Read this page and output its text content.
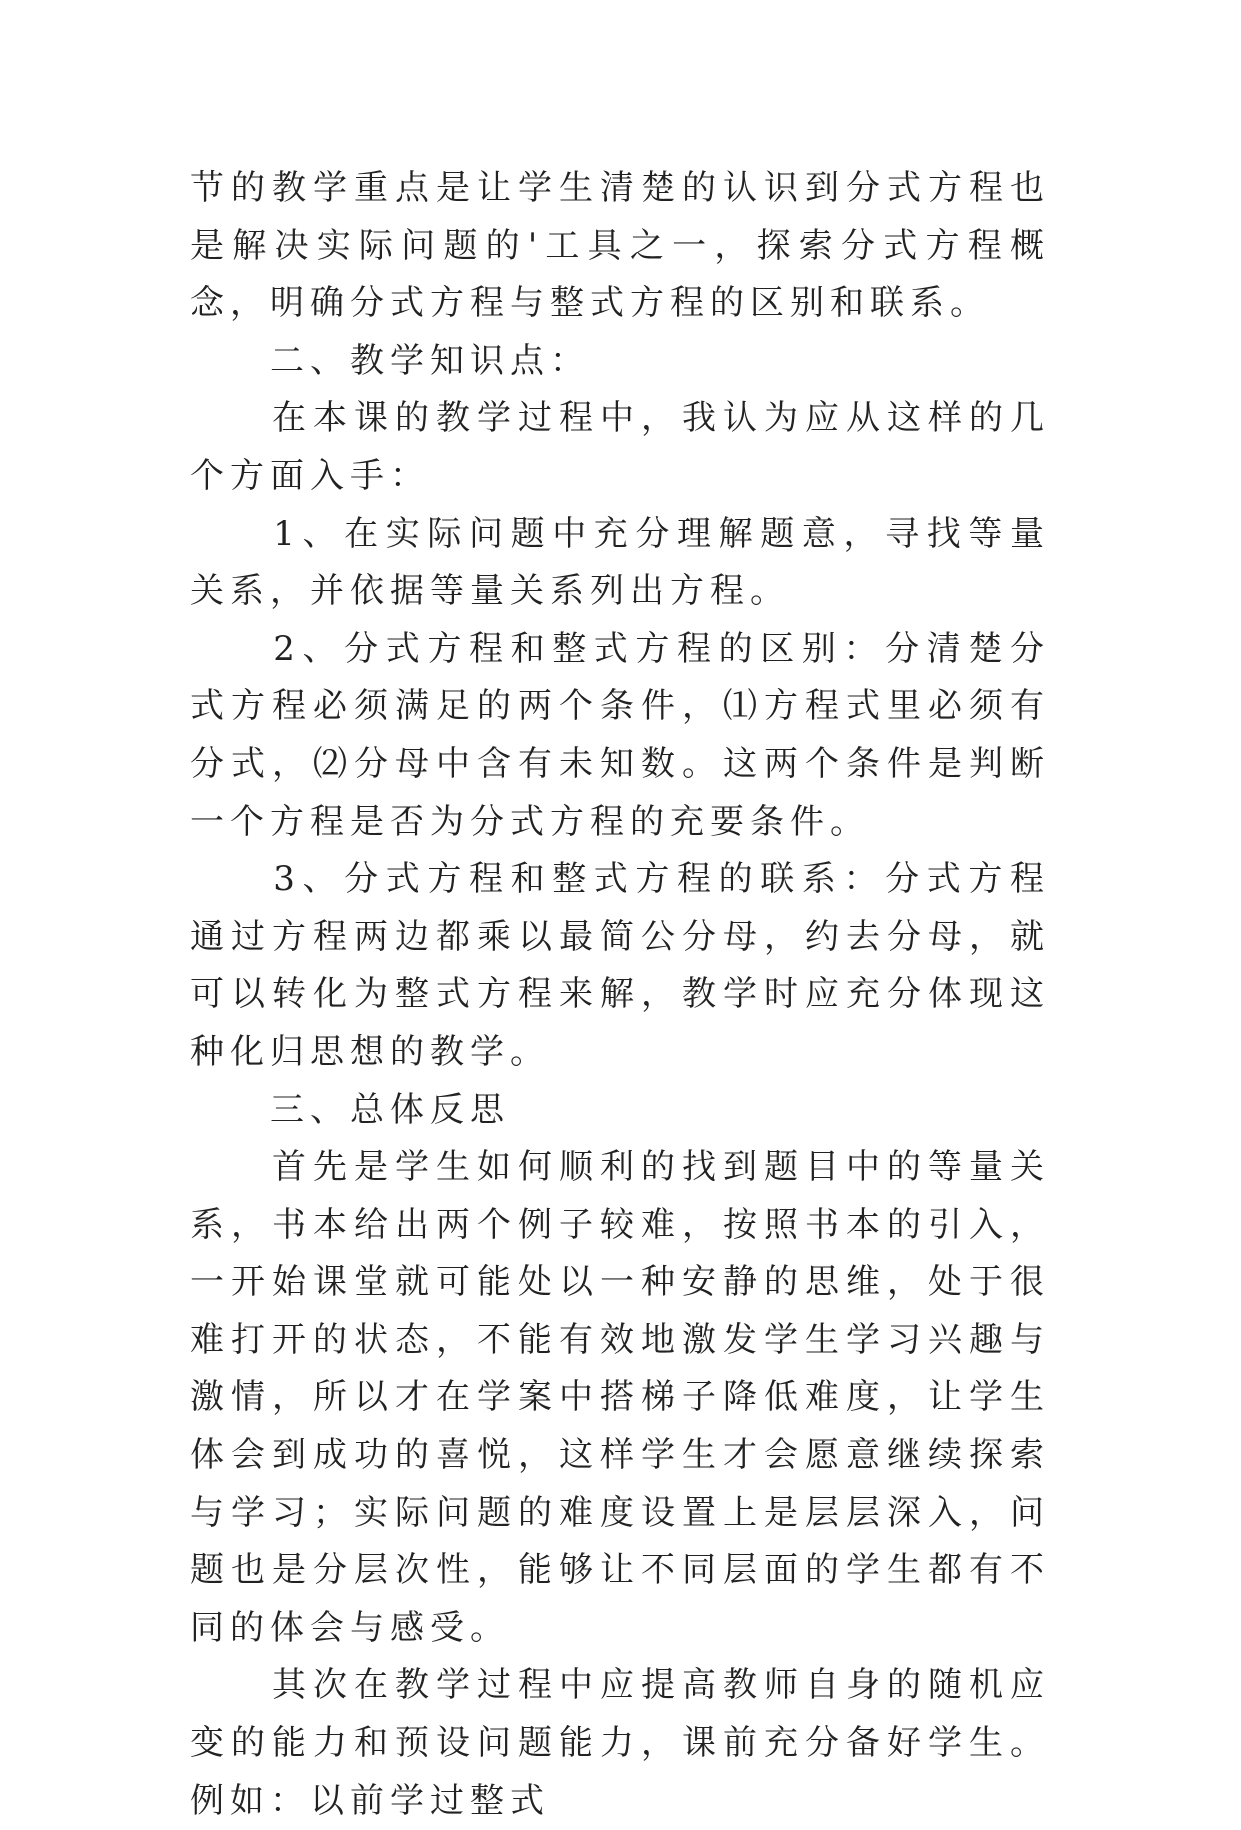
节的教学重点是让学生清楚的认识到分式方程也是解决实际问题的'工具之一，探索分式方程概念，明确分式方程与整式方程的区别和联系。

　　二、教学知识点：

　　在本课的教学过程中，我认为应从这样的几个方面入手：

　　1、在实际问题中充分理解题意，寻找等量关系，并依据等量关系列出方程。

　　2、分式方程和整式方程的区别：分清楚分式方程必须满足的两个条件，⑴方程式里必须有分式，⑵分母中含有未知数。这两个条件是判断一个方程是否为分式方程的充要条件。

　　3、分式方程和整式方程的联系：分式方程通过方程两边都乘以最简公分母，约去分母，就可以转化为整式方程来解，教学时应充分体现这种化归思想的教学。

　　三、总体反思

　　首先是学生如何顺利的找到题目中的等量关系，书本给出两个例子较难，按照书本的引入，一开始课堂就可能处以一种安静的思维，处于很难打开的状态，不能有效地激发学生学习兴趣与激情，所以才在学案中搭梯子降低难度，让学生体会到成功的喜悦，这样学生才会愿意继续探索与学习；实际问题的难度设置上是层层深入，问题也是分层次性，能够让不同层面的学生都有不同的体会与感受。

　　其次在教学过程中应提高教师自身的随机应变的能力和预设问题能力，课前充分备好学生。例如：以前学过整式
